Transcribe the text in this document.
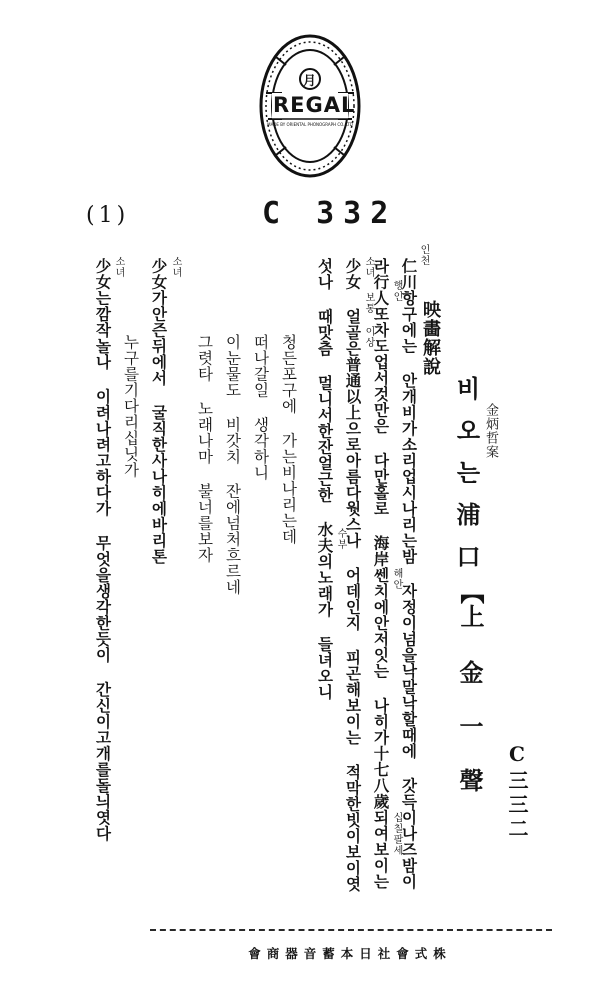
月
REGAL
MADE BY ORIENTAL PHONOGRAPH CO.,LTD
(1)	C 332
C三三二
金一聲
金炳哲案
비오는浦口
【上
映畵解說
인천
仁川항구에는 안개비가소리업시나리는밤 자정이넘을낙말낙할때에 갓득이나즈밤이
행인
해안
십칠팔세
라行人또차도업서것만은 다만홀로 海岸쎈치에안저잇는 나히가十七八歲되여보이는
소녀
보통 이상
少女 얼골은普通以上으로아름다웟스나 어데인지 피곤해보이는 적막한빗이보이엿
수부
섯나 때맛츰 멀니서한잔얼근한 水夫의노래가 들녀오니
청든포구에 가는비나리는데
떠나갈일 생각하니
이눈물도 비갓치 잔에넘처흐르네
그렷타 노래나마 불너를보자
소녀
少女가안즌뒤에서 굴직한사나히에바리톤
누구를기다리십닛가
소녀
少女는깜작놀나 이려나려고하다가 무엇을생각한듯이 간신이고개를돌늬엿다
會商器音蓄本日社會式株
